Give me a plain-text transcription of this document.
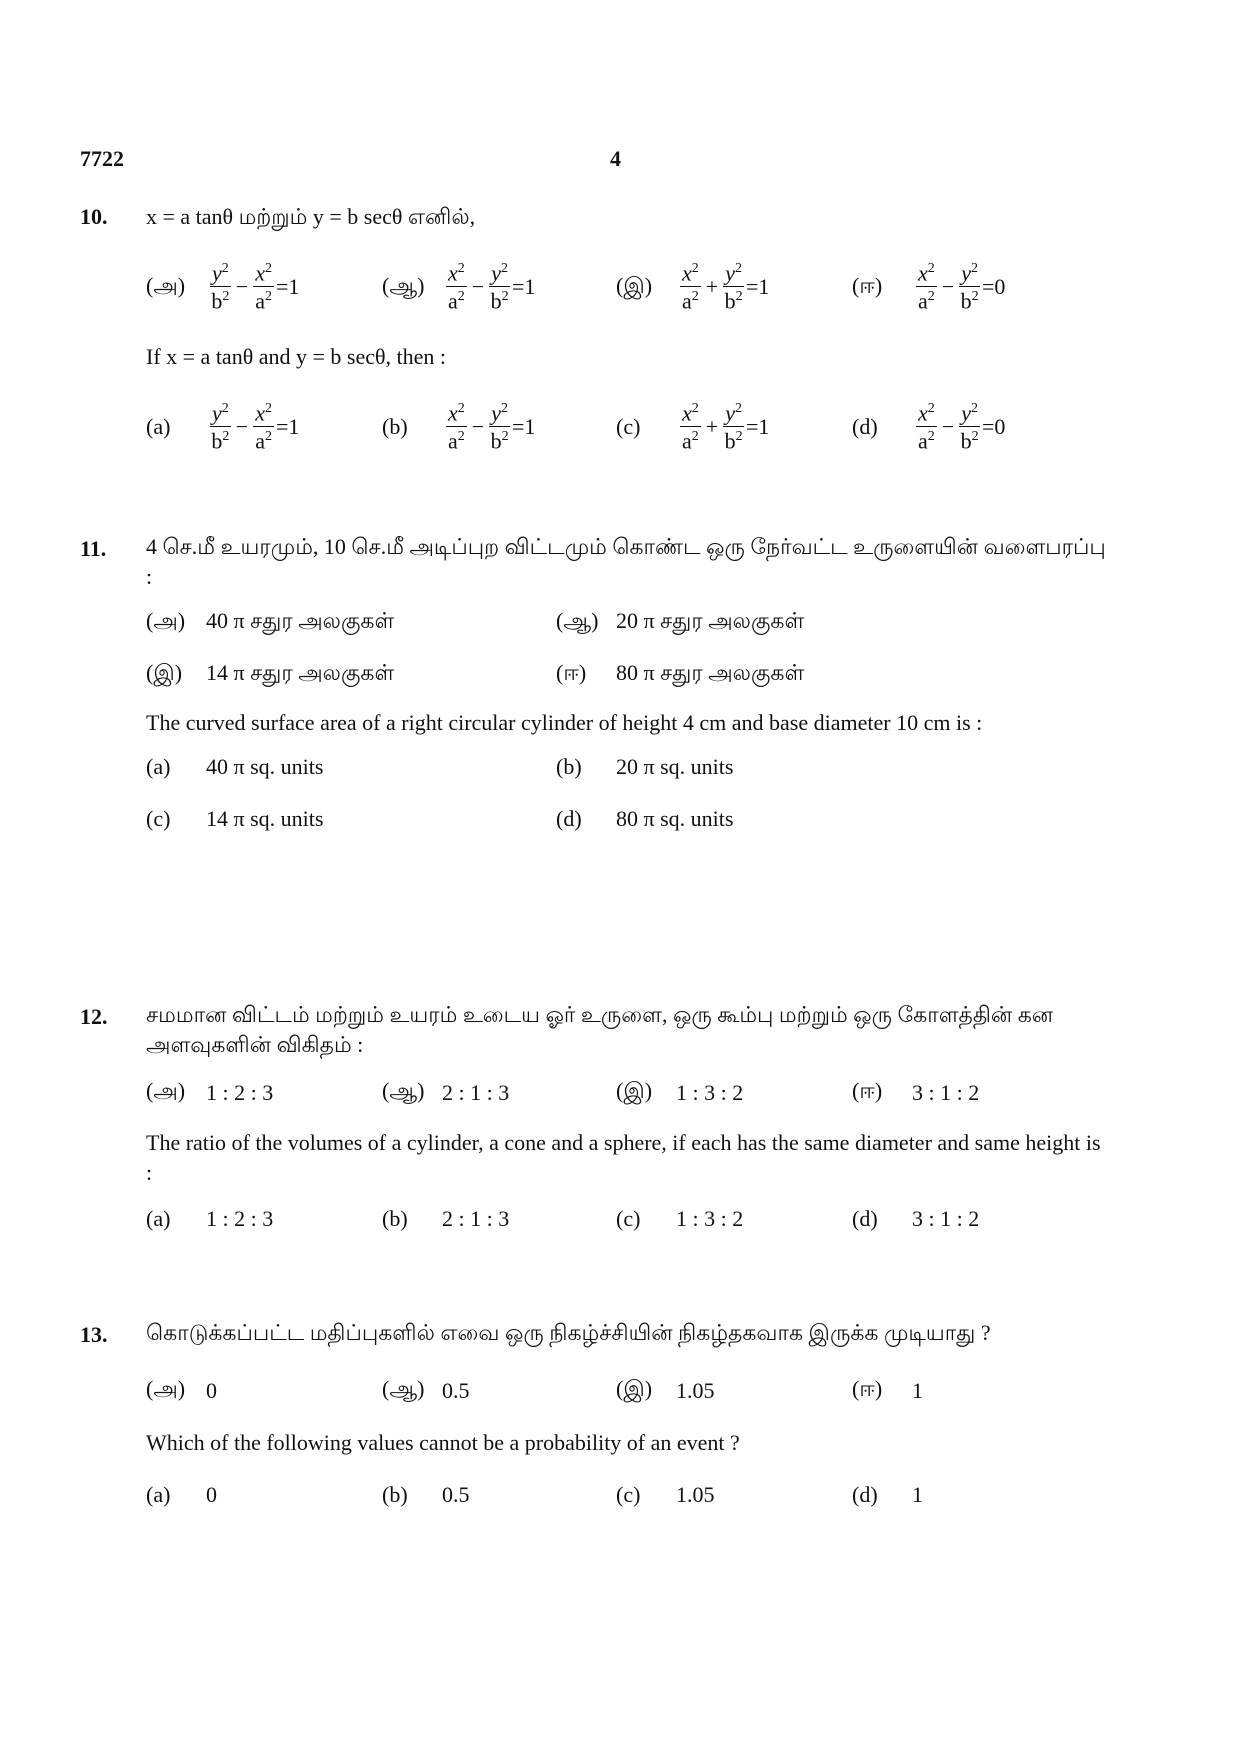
7722	4
10. x = a tanθ மற்றும் y = b secθ எனில்,
(அ)	$\frac{y^2}{b^2} - \frac{x^2}{a^2} =1$	(ஆ) $\frac{x^2}{a^2} - \frac{y^2}{b^2} =1$	(இ)	$\frac{x^2}{a^2} + \frac{y^2}{b^2} =1$	(ஈ)	$\frac{x^2}{a^2} - \frac{y^2}{b^2} =0$
If x = a tanθ and y = b secθ, then :
(a)	$\frac{y^2}{b^2} - \frac{x^2}{a^2} =1$	(b)	$\frac{x^2}{a^2} - \frac{y^2}{b^2} =1$	(c)	$\frac{x^2}{a^2} + \frac{y^2}{b^2} =1$	(d)	$\frac{x^2}{a^2} - \frac{y^2}{b^2} =0$
11. 4 செ.மீ உயரமும், 10 செ.மீ அடிப்புற விட்டமும் கொண்ட ஒரு நேர்வட்ட உருளையின் வளைபரப்பு :
(அ) 40 π சதுர அலகுகள்	(ஆ) 20 π சதுர அலகுகள்
(இ)	14 π சதுர அலகுகள்	(ஈ)	80 π சதுர அலகுகள்
The curved surface area of a right circular cylinder of height 4 cm and base diameter 10 cm is :
(a)	40 π sq. units	(b)	20 π sq. units
(c)	14 π sq. units	(d)	80 π sq. units
12. சமமான விட்டம் மற்றும் உயரம் உடைய ஓர் உருளை, ஒரு கூம்பு மற்றும் ஒரு கோளத்தின் கன அளவுகளின் விகிதம் :
(அ) 1 : 2 : 3	(ஆ) 2 : 1 : 3	(இ)	1 : 3 : 2	(ஈ)	3 : 1 : 2
The ratio of the volumes of a cylinder, a cone and a sphere, if each has the same diameter and same height is :
(a)	1 : 2 : 3	(b)	2 : 1 : 3	(c)	1 : 3 : 2	(d)	3 : 1 : 2
13. கொடுக்கப்பட்ட மதிப்புகளில் எவை ஒரு நிகழ்ச்சியின் நிகழ்தகவாக இருக்க முடியாது ?
(அ) 0	(ஆ) 0.5	(இ)	1.05	(ஈ)	1
Which of the following values cannot be a probability of an event ?
(a)	0	(b)	0.5	(c)	1.05	(d)	1
